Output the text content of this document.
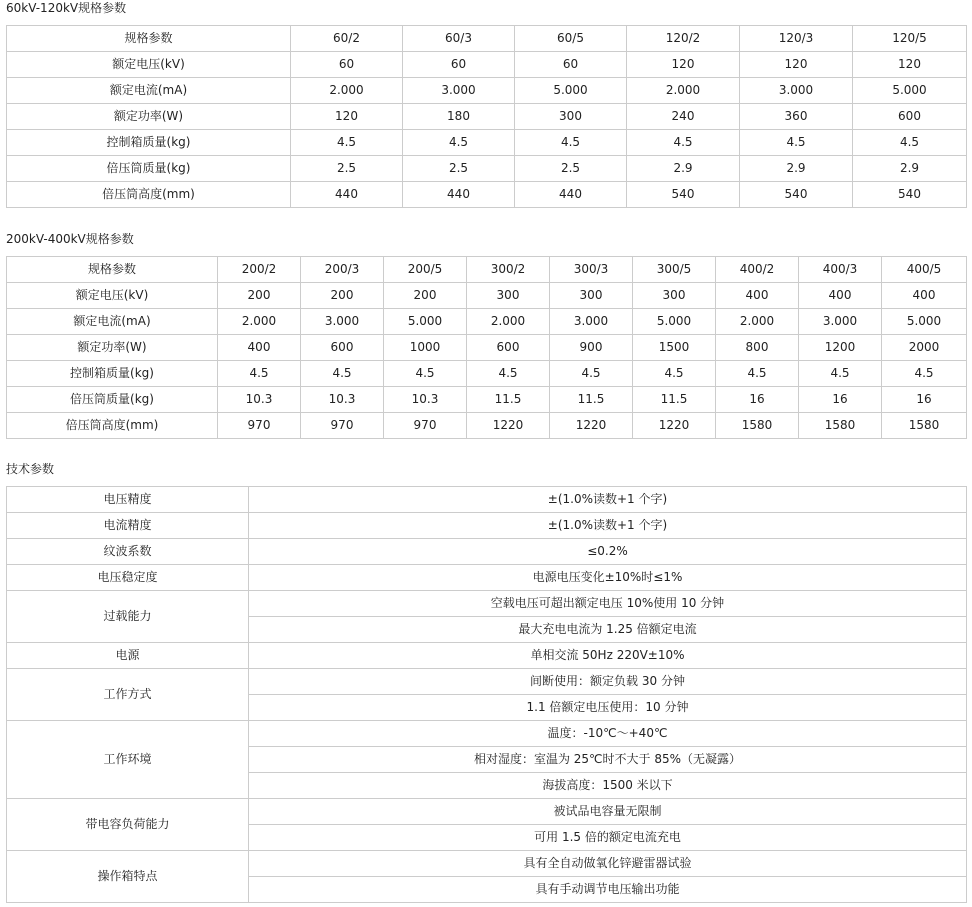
60kV-120kV规格参数
规格参数	60/2	60/3	60/5	120/2	120/3	120/5
额定电压(kV)	60	60	60	120	120	120
额定电流(mA)	2.000	3.000	5.000	2.000	3.000	5.000
额定功率(W)	120	180	300	240	360	600
控制箱质量(kg)	4.5	4.5	4.5	4.5	4.5	4.5
倍压筒质量(kg)	2.5	2.5	2.5	2.9	2.9	2.9
倍压筒高度(mm)	440	440	440	540	540	540
200kV-400kV规格参数
规格参数	200/2	200/3	200/5	300/2	300/3	300/5	400/2	400/3	400/5
额定电压(kV)	200	200	200	300	300	300	400	400	400
额定电流(mA)	2.000	3.000	5.000	2.000	3.000	5.000	2.000	3.000	5.000
额定功率(W)	400	600	1000	600	900	1500	800	1200	2000
控制箱质量(kg)	4.5	4.5	4.5	4.5	4.5	4.5	4.5	4.5	4.5
倍压筒质量(kg)	10.3	10.3	10.3	11.5	11.5	11.5	16	16	16
倍压筒高度(mm)	970	970	970	1220	1220	1220	1580	1580	1580
技术参数
电压精度	±(1.0%读数+1 个字)
电流精度	±(1.0%读数+1 个字)
纹波系数	≤0.2%
电压稳定度	电源电压变化±10%时≤1%
过载能力	空载电压可超出额定电压 10%使用 10 分钟
	最大充电电流为 1.25 倍额定电流
电源	单相交流 50Hz 220V±10%
工作方式	间断使用：额定负载 30 分钟
	1.1 倍额定电压使用：10 分钟
工作环境	温度：-10℃～+40℃
	相对湿度：室温为 25℃时不大于 85%（无凝露）
	海拔高度：1500 米以下
带电容负荷能力	被试品电容量无限制
	可用 1.5 倍的额定电流充电
操作箱特点	具有全自动做氧化锌避雷器试验
	具有手动调节电压输出功能
